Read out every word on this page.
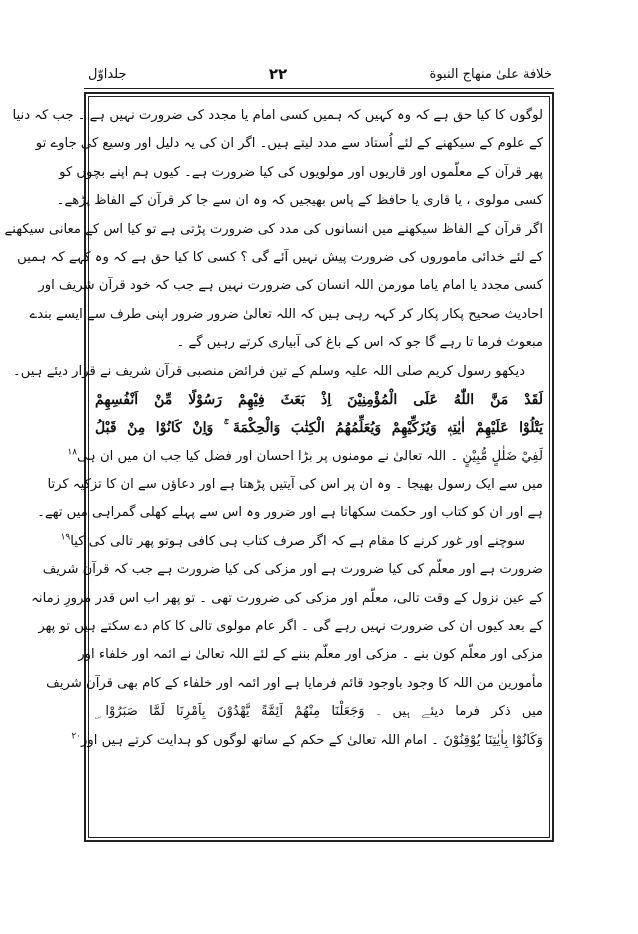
جلداوّل	۲۲	خلافة علىٰ منهاج النبوة
لوگوں کا کیا حق ہے کہ وہ کہیں کہ ہمیں کسی امام یا مجدد کی ضرورت نہیں ہے ۔ جب کہ دنیا
کے علوم کے سیکھنے کے لئے اُستاد سے مدد لیتے ہیں۔ اگر ان کی یہ دلیل اور وسیع کی جاوے تو
پھر قرآن کے معلّموں اور قاریوں اور مولویوں کی کیا ضرورت ہے۔ کیوں ہم اپنے بچوں کو
کسی مولوی ، یا قاری یا حافظ کے پاس بھیجیں کہ وہ ان سے جا کر قرآن کے الفاظ پڑھے۔
اگر قرآن کے الفاظ سیکھنے میں انسانوں کی مدد کی ضرورت پڑتی ہے تو کیا اس کے معانی سیکھنے
کے لئے خدائی ماموروں کی ضرورت پیش نہیں آئے گی ؟ کسی کا کیا حق ہے کہ وہ کہے کہ ہمیں
کسی مجدد یا امام یاما مورمن اللہ انسان کی ضرورت نہیں ہے جب کہ خود قرآن شریف اور
احادیث صحیح پکار پکار کر کہہ رہی ہیں کہ اللہ تعالیٰ ضرور ضرور اپنی طرف سے ایسے بندے
مبعوث فرما تا رہے گا جو کہ اس کے باغ کی آبیاری کرتے رہیں گے ۔
دیکھو رسول کریم صلی اللہ علیہ وسلم کے تین فرائض منصبی قرآن شریف نے قرار دیئے ہیں۔
لَقَدْ مَنَّ اللّٰهُ عَلَى الْمُؤْمِنِيْنَ اِذْ بَعَثَ فِيْهِمْ رَسُوْلًا مِّنْ اَنْفُسِهِمْ
يَتْلُوْا عَلَيْهِمْ اٰيٰتِهٖ وَيُزَكِّيْهِمْ وَيُعَلِّمُهُمُ الْكِتٰبَ وَالْحِكْمَةَ ۚ وَاِنْ كَانُوْا مِنْ قَبْلُ
لَفِيْ ضَلٰلٍ مُّبِيْنٍ ۔ اللہ تعالیٰ نے مومنوں پر بڑا احسان اور فضل کیا جب ان میں ان ہی$^{۱۸}$
میں سے ایک رسول بھیجا ۔ وہ ان پر اس کی آیتیں پڑھتا ہے اور دعاؤں سے ان کا تزکیہ کرتا
ہے اور ان کو کتاب اور حکمت سکھاتا ہے اور ضرور وہ اس سے پہلے کھلی گمراہی میں تھے۔
سوچنے اور غور کرنے کا مقام ہے کہ اگر صرف کتاب ہی کافی ہوتو پھر تالی کی کیا$^{۱۹}$
ضرورت ہے اور معلّم کی کیا ضرورت ہے اور مزکی کی کیا ضرورت ہے جب کہ قرآن شریف
کے عین نزول کے وقت تالی، معلّم اور مزکی کی ضرورت تھی ۔ تو پھر اب اس قدر مرورِ زمانہ
کے بعد کیوں ان کی ضرورت نہیں رہے گی ۔ اگر عام مولوی تالی کا کام دے سکتے ہیں تو پھر
مزکی اور معلّم کون بنے ۔ مزکی اور معلّم بننے کے لئے اللہ تعالیٰ نے ائمہ اور خلفاء اور
مأمورین من اللہ کا وجود باوجود قائم فرمایا ہے اور ائمہ اور خلفاء کے کام بھی قرآن شریف
میں ذکر فرما دیئے ہیں ۔ وَجَعَلْنَا مِنْهُمْ اَئِمَّةً يَّهْدُوْنَ بِاَمْرِنَا لَمَّا صَبَرُوْا ۣ
وَكَانُوْا بِاٰيٰتِنَا يُوْقِنُوْنَ ۔ امام اللہ تعالیٰ کے حکم کے ساتھ لوگوں کو ہدایت کرتے ہیں اور$^{۲۰}$
